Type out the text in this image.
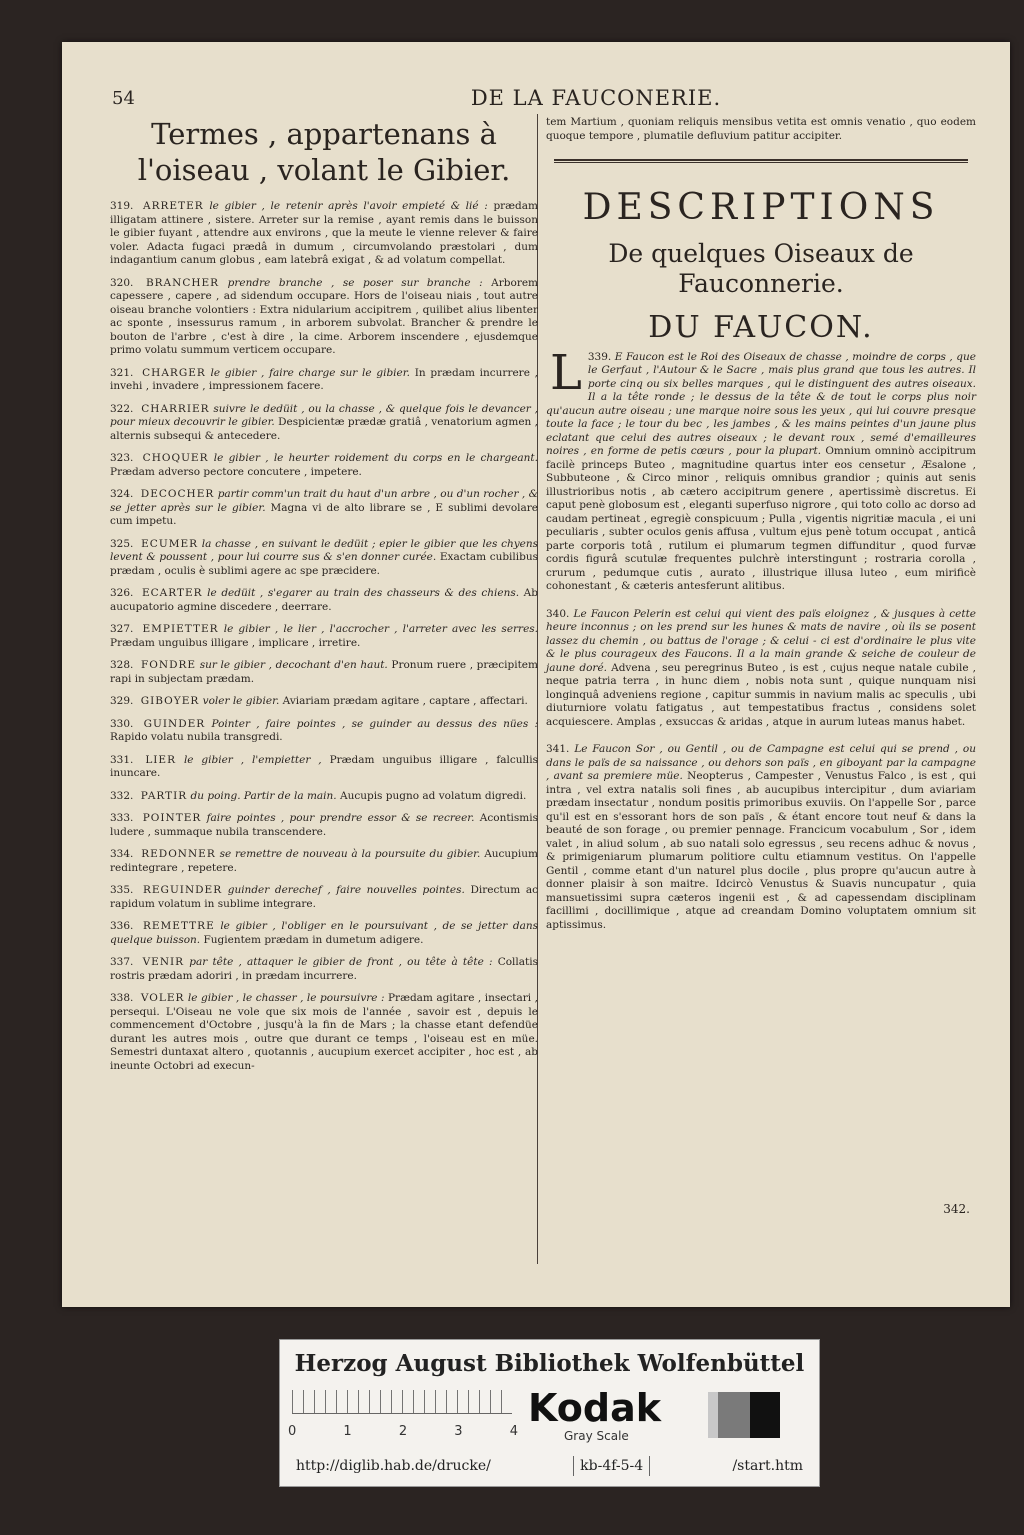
54	DE LA FAUCONERIE.
Termes , appartenans à l'oiseau , volant le Gibier.
319. ARRETER le gibier , le retenir après l'avoir empieté & lié : prædam illigatam attinere , sistere. Arreter sur la remise , ayant remis dans le buisson le gibier fuyant , attendre aux environs , que la meute le vienne relever & faire voler. Adacta fugaci prædâ in dumum , circumvolando præstolari , dum indagantium canum globus , eam latebrâ exigat , & ad volatum compellat.
320. BRANCHER prendre branche , se poser sur branche : Arborem capessere , capere , ad sidendum occupare. Hors de l'oiseau niais , tout autre oiseau branche volontiers : Extra nidularium accipitrem , quilibet alius libenter ac sponte , insessurus ramum , in arborem subvolat. Brancher & prendre le bouton de l'arbre , c'est à dire , la cime. Arborem inscendere , ejusdemque primo volatu summum verticem occupare.
321. CHARGER le gibier , faire charge sur le gibier. In prædam incurrere , invehi , invadere , impressionem facere.
322. CHARRIER suivre le dedüit , ou la chasse , & quelque fois le devancer , pour mieux decouvrir le gibier. Despicientæ prædæ gratiâ , venatorium agmen , alternis subsequi & antecedere.
323. CHOQUER le gibier , le heurter roidement du corps en le chargeant. Prædam adverso pectore concutere , impetere.
324. DECOCHER partir comm'un trait du haut d'un arbre , ou d'un rocher , & se jetter après sur le gibier. Magna vi de alto librare se , E sublimi devolare cum impetu.
325. ECUMER la chasse , en suivant le dedüit ; epier le gibier que les chyens levent & poussent , pour lui courre sus & s'en donner curée. Exactam cubilibus prædam , oculis è sublimi agere ac spe præcidere.
326. ECARTER le dedüit , s'egarer au train des chasseurs & des chiens. Ab aucupatorio agmine discedere , deerrare.
327. EMPIETTER le gibier , le lier , l'accrocher , l'arreter avec les serres. Prædam unguibus illigare , implicare , irretire.
328. FONDRE sur le gibier , decochant d'en haut. Pronum ruere , præcipitem rapi in subjectam prædam.
329. GIBOYER voler le gibier. Aviariam prædam agitare , captare , affectari.
330. GUINDER Pointer , faire pointes , se guinder au dessus des nües : Rapido volatu nubila transgredi.
331. LIER le gibier , l'empietter , Prædam unguibus illigare , falcullis inuncare.
332. PARTIR du poing. Partir de la main. Aucupis pugno ad volatum digredi.
333. POINTER faire pointes , pour prendre essor & se recreer. Acontismis ludere , summaque nubila transcendere.
334. REDONNER se remettre de nouveau à la poursuite du gibier. Aucupium redintegrare , repetere.
335. REGUINDER guinder derechef , faire nouvelles pointes. Directum ac rapidum volatum in sublime integrare.
336. REMETTRE le gibier , l'obliger en le poursuivant , de se jetter dans quelque buisson. Fugientem prædam in dumetum adigere.
337. VENIR par tête , attaquer le gibier de front , ou tête à tête : Collatis rostris prædam adoriri , in prædam incurrere.
338. VOLER le gibier , le chasser , le poursuivre : Prædam agitare , insectari , persequi. L'Oiseau ne vole que six mois de l'année , savoir est , depuis le commencement d'Octobre , jusqu'à la fin de Mars ; la chasse etant defendüe durant les autres mois , outre que durant ce temps , l'oiseau est en müe. Semestri duntaxat altero , quotannis , aucupium exercet accipiter , hoc est , ab ineunte Octobri ad execun-
tem Martium , quoniam reliquis mensibus vetita est omnis venatio , quo eodem quoque tempore , plumatile defluvium patitur accipiter.
DESCRIPTIONS
De quelques Oiseaux de Fauconnerie.
DU FAUCON.
339.
L	E Faucon est le Roi des Oiseaux de chasse , moindre de corps , que le Gerfaut , l'Autour & le Sacre , mais plus grand que tous les autres. Il porte cinq ou six belles marques , qui le distinguent des autres oiseaux. Il a la tête ronde ; le dessus de la tête & de tout le corps plus noir qu'aucun autre oiseau ; une marque noire sous les yeux , qui lui couvre presque toute la face ; le tour du bec , les jambes , & les mains peintes d'un jaune plus eclatant que celui des autres oiseaux ; le devant roux , semé d'emailleures noires , en forme de petis cœurs , pour la plupart. Omnium omninò accipitrum facilè princeps Buteo , magnitudine quartus inter eos censetur , Æsalone , Subbuteone , & Circo minor , reliquis omnibus grandior ; quinis aut senis illustrioribus notis , ab cætero accipitrum genere , apertissimè discretus. Ei caput penè globosum est , eleganti superfuso nigrore , qui toto collo ac dorso ad caudam pertineat , egregiè conspicuum ; Pulla , vigentis nigritiæ macula , ei uni peculiaris , subter oculos genis affusa , vultum ejus penè totum occupat , anticâ parte corporis totâ , rutilum ei plumarum tegmen diffunditur , quod furvæ cordis figurâ scutulæ frequentes pulchrè interstingunt ; rostraria corolla , crurum , pedumque cutis , aurato , illustrique illusa luteo , eum mirificè cohonestant , & cæteris antesferunt alitibus.
340. Le Faucon Pelerin est celui qui vient des païs eloignez , & jusques à cette heure inconnus ; on les prend sur les hunes & mats de navire , où ils se posent lassez du chemin , ou battus de l'orage ; & celui - ci est d'ordinaire le plus vite & le plus courageux des Faucons. Il a la main grande & seiche de couleur de jaune doré. Advena , seu peregrinus Buteo , is est , cujus neque natale cubile , neque patria terra , in hunc diem , nobis nota sunt , quique nunquam nisi longinquâ adveniens regione , capitur summis in navium malis ac speculis , ubi diuturniore volatu fatigatus , aut tempestatibus fractus , considens solet acquiescere. Amplas , exsuccas & aridas , atque in aurum luteas manus habet.
341. Le Faucon Sor , ou Gentil , ou de Campagne est celui qui se prend , ou dans le païs de sa naissance , ou dehors son païs , en giboyant par la campagne , avant sa premiere müe. Neopterus , Campester , Venustus Falco , is est , qui intra , vel extra natalis soli fines , ab aucupibus intercipitur , dum aviariam prædam insectatur , nondum positis primoribus exuviis. On l'appelle Sor , parce qu'il est en s'essorant hors de son païs , & étant encore tout neuf & dans la beauté de son forage , ou premier pennage. Francicum vocabulum , Sor , idem valet , in aliud solum , ab suo natali solo egressus , seu recens adhuc & novus , & primigeniarum plumarum politiore cultu etiamnum vestitus. On l'appelle Gentil , comme etant d'un naturel plus docile , plus propre qu'aucun autre à donner plaisir à son maitre. Idcircò Venustus & Suavis nuncupatur , quia mansuetissimi supra cæteros ingenii est , & ad capessendam disciplinam facillimi , docillimique , atque ad creandam Domino voluptatem omnium sit aptissimus.
342.
Herzog August Bibliothek Wolfenbüttel
0	1	2	3	4
Kodak
Gray Scale
http://diglib.hab.de/drucke/	kb-4f-5-4	/start.htm
